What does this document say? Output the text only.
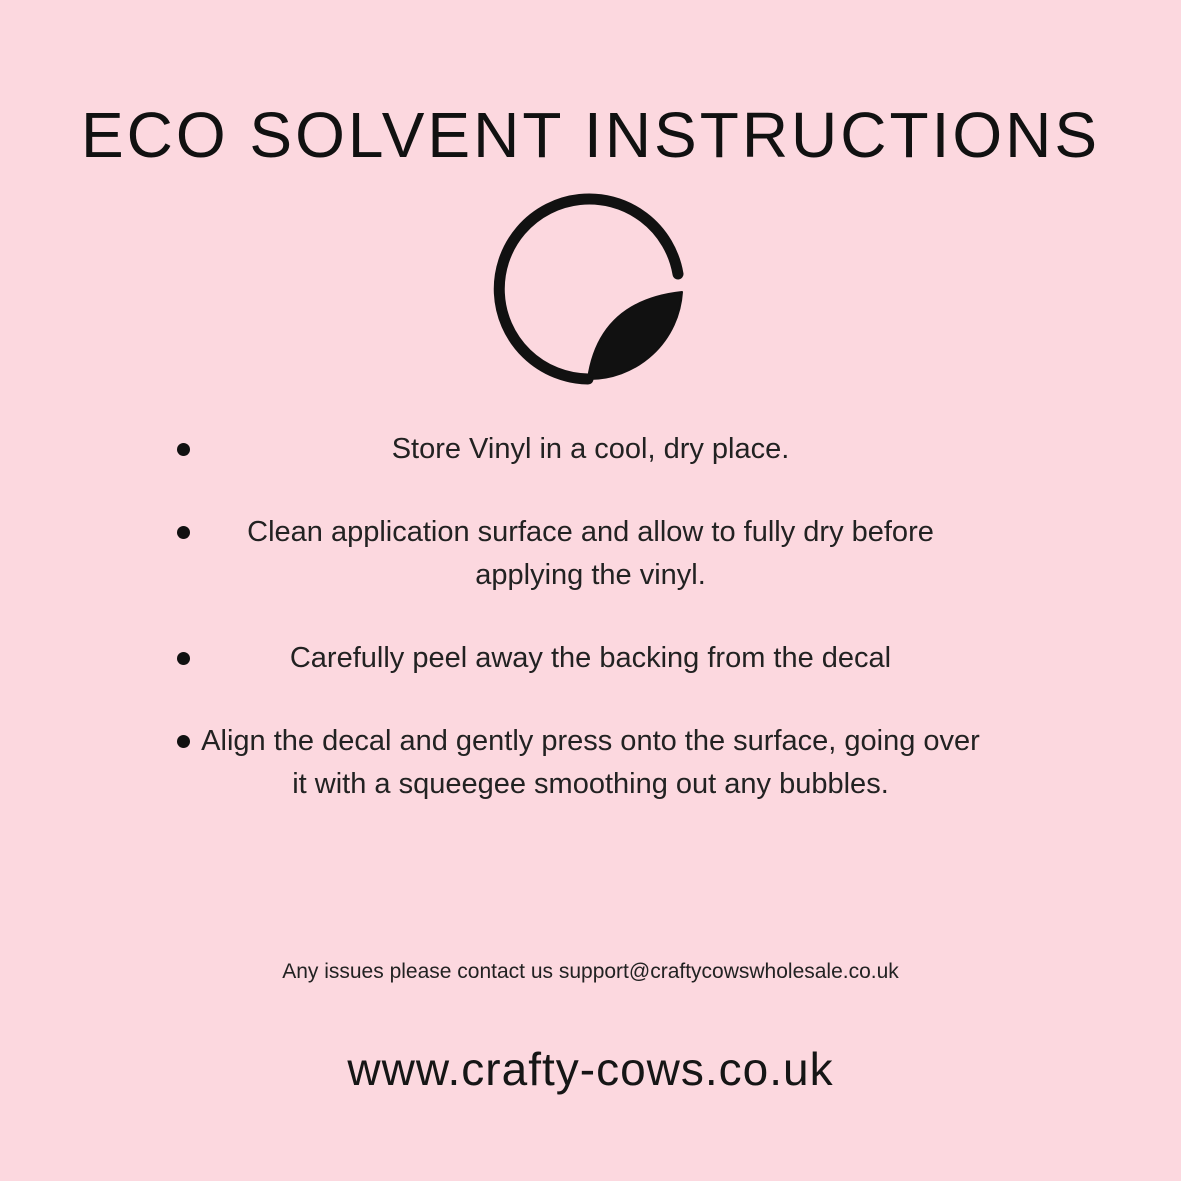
ECO SOLVENT INSTRUCTIONS
Store Vinyl in a cool, dry place.
Clean application surface and allow to fully dry before applying the vinyl.
Carefully peel away the backing from the decal
Align the decal and gently press onto the surface, going over it with a squeegee smoothing out any bubbles.
Any issues please contact us support@craftycowswholesale.co.uk
www.crafty-cows.co.uk
